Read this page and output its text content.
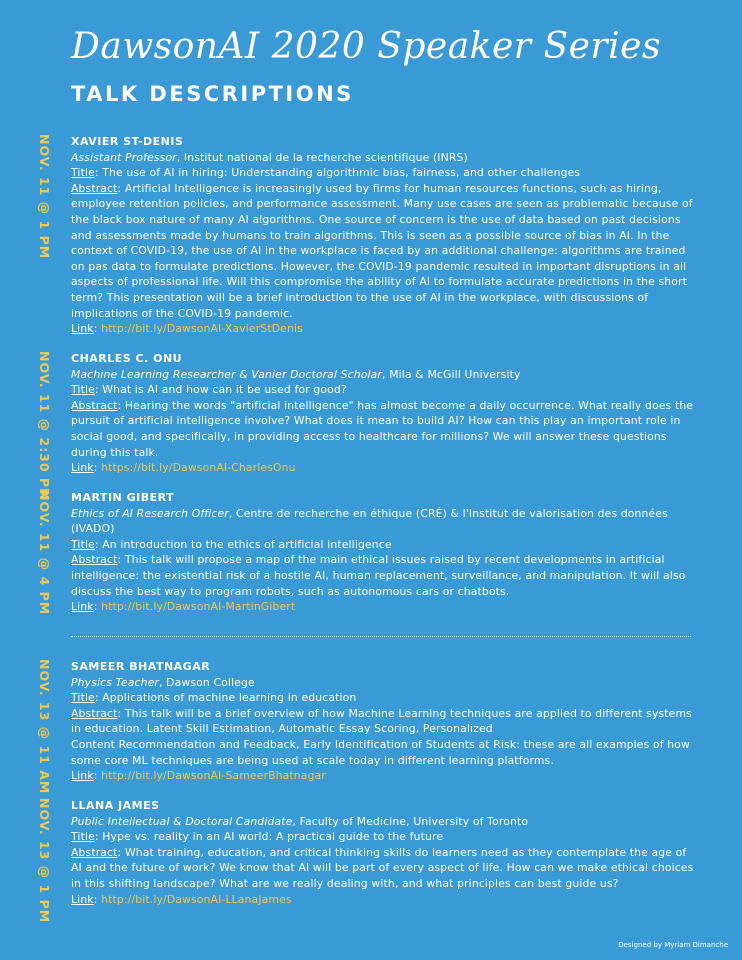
DawsonAI 2020 Speaker Series
TALK DESCRIPTIONS
NOV. 11 @ 1 PM XAVIER ST-DENIS
Assistant Professor, Institut national de la recherche scientifique (INRS)
Title: The use of AI in hiring: Understanding algorithmic bias, fairness, and other challenges
Abstract: Artificial Intelligence is increasingly used by firms for human resources functions, such as hiring, employee retention policies, and performance assessment. Many use cases are seen as problematic because of the black box nature of many AI algorithms. One source of concern is the use of data based on past decisions and assessments made by humans to train algorithms. This is seen as a possible source of bias in AI. In the context of COVID-19, the use of AI in the workplace is faced by an additional challenge: algorithms are trained on pas data to formulate predictions. However, the COVID-19 pandemic resulted in important disruptions in all aspects of professional life. Will this compromise the ability of AI to formulate accurate predictions in the short term? This presentation will be a brief introduction to the use of AI in the workplace, with discussions of implications of the COVID-19 pandemic.
Link: http://bit.ly/DawsonAI-XavierStDenis
NOV. 11 @ 2:30 PM CHARLES C. ONU
Machine Learning Researcher & Vanier Doctoral Scholar, Mila & McGill University
Title: What is AI and how can it be used for good?
Abstract: Hearing the words "artificial intelligence" has almost become a daily occurrence. What really does the pursuit of artificial intelligence involve? What does it mean to build AI? How can this play an important role in social good, and specifically, in providing access to healthcare for millions? We will answer these questions during this talk.
Link: https://bit.ly/DawsonAI-CharlesOnu
NOV. 11 @ 4 PM MARTIN GIBERT
Ethics of AI Research Officer, Centre de recherche en éthique (CRÉ) & l'Institut de valorisation des données (IVADO)
Title: An introduction to the ethics of artificial intelligence
Abstract: This talk will propose a map of the main ethical issues raised by recent developments in artificial intelligence: the existential risk of a hostile AI, human replacement, surveillance, and manipulation. It will also discuss the best way to program robots, such as autonomous cars or chatbots.
Link: http://bit.ly/DawsonAI-MartinGibert
NOV. 13 @ 11 AM SAMEER BHATNAGAR
Physics Teacher, Dawson College
Title: Applications of machine learning in education
Abstract: This talk will be a brief overview of how Machine Learning techniques are applied to different systems in education. Latent Skill Estimation, Automatic Essay Scoring, Personalized
Content Recommendation and Feedback, Early Identification of Students at Risk: these are all examples of how some core ML techniques are being used at scale today in different learning platforms.
Link: http://bit.ly/DawsonAI-SameerBhatnagar
NOV. 13 @ 1 PM LLANA JAMES
Public Intellectual & Doctoral Candidate, Faculty of Medicine, University of Toronto
Title: Hype vs. reality in an AI world: A practical guide to the future
Abstract: What training, education, and critical thinking skills do learners need as they contemplate the age of AI and the future of work? We know that AI will be part of every aspect of life. How can we make ethical choices in this shifting landscape? What are we really dealing with, and what principles can best guide us?
Link: http://bit.ly/DawsonAI-LLanaJames
Designed by Myriam Dimanche
